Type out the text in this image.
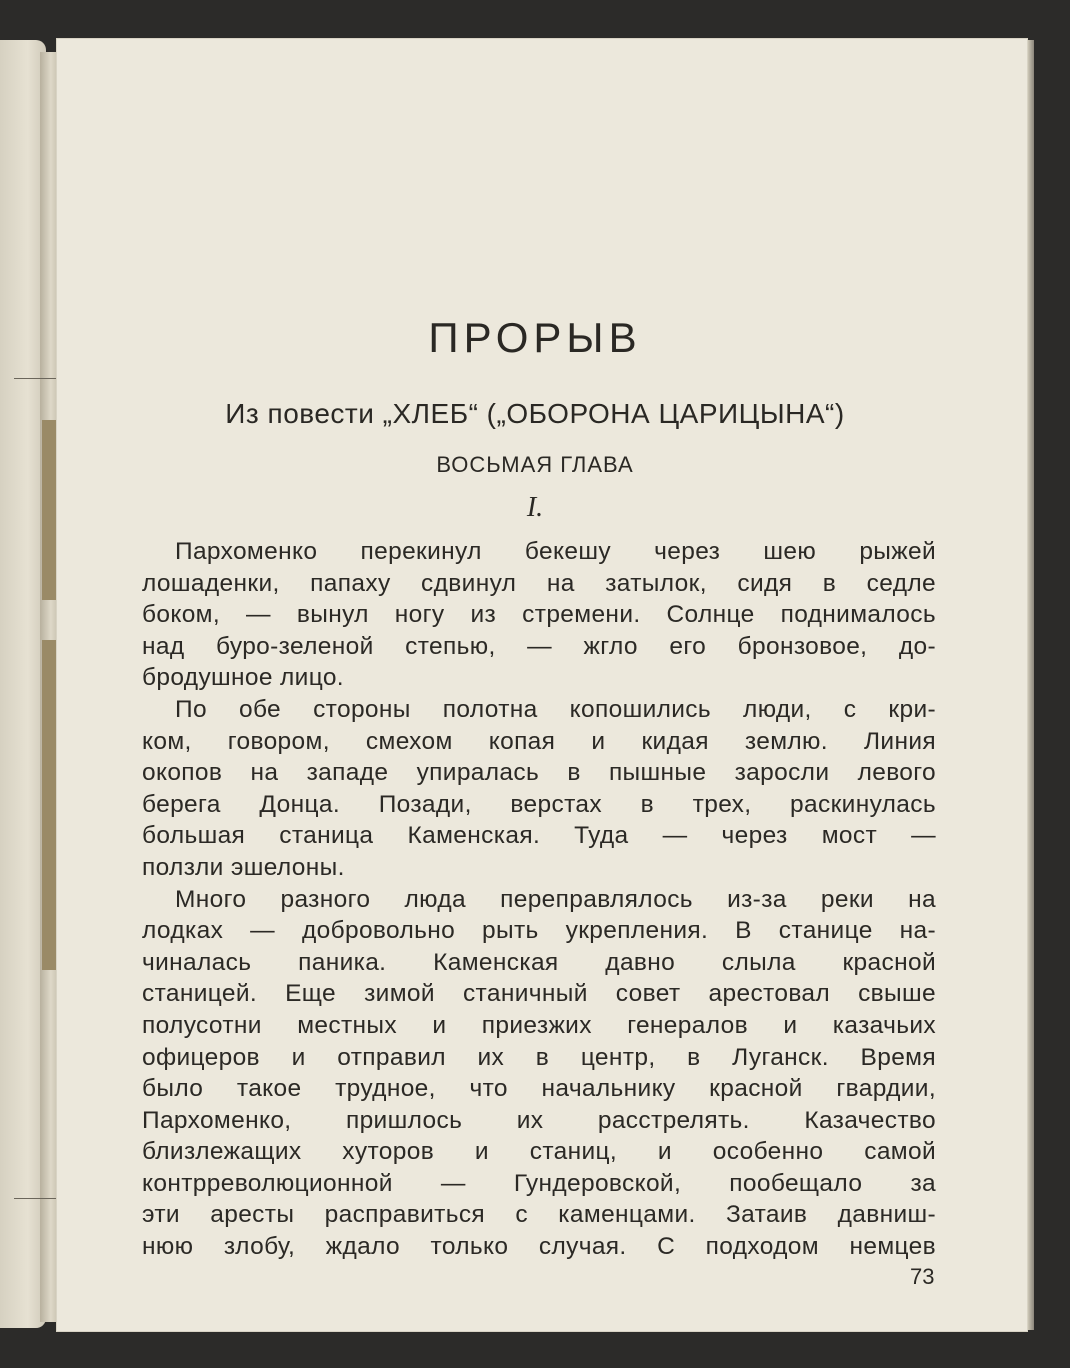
ПРОРЫВ
Из повести „ХЛЕБ“ („ОБОРОНА ЦАРИЦЫНА“)
ВОСЬМАЯ ГЛАВА
I.
Пархоменко перекинул бекешу через шею рыжей
лошаденки, папаху сдвинул на затылок, сидя в седле
боком, — вынул ногу из стремени. Солнце поднималось
над буро-зеленой степью, — жгло его бронзовое, до-
бродушное лицо.
По обе стороны полотна копошились люди, с кри-
ком, говором, смехом копая и кидая землю. Линия
окопов на западе упиралась в пышные заросли левого
берега Донца. Позади, верстах в трех, раскинулась
большая станица Каменская. Туда — через мост —
ползли эшелоны.
Много разного люда переправлялось из-за реки на
лодках — добровольно рыть укрепления. В станице на-
чиналась паника. Каменская давно слыла красной
станицей. Еще зимой станичный совет арестовал свыше
полусотни местных и приезжих генералов и казачьих
офицеров и отправил их в центр, в Луганск. Время
было такое трудное, что начальнику красной гвардии,
Пархоменко, пришлось их расстрелять. Казачество
близлежащих хуторов и станиц, и особенно самой
контрреволюционной — Гундеровской, пообещало за
эти аресты расправиться с каменцами. Затаив давниш-
нюю злобу, ждало только случая. С подходом немцев
73
